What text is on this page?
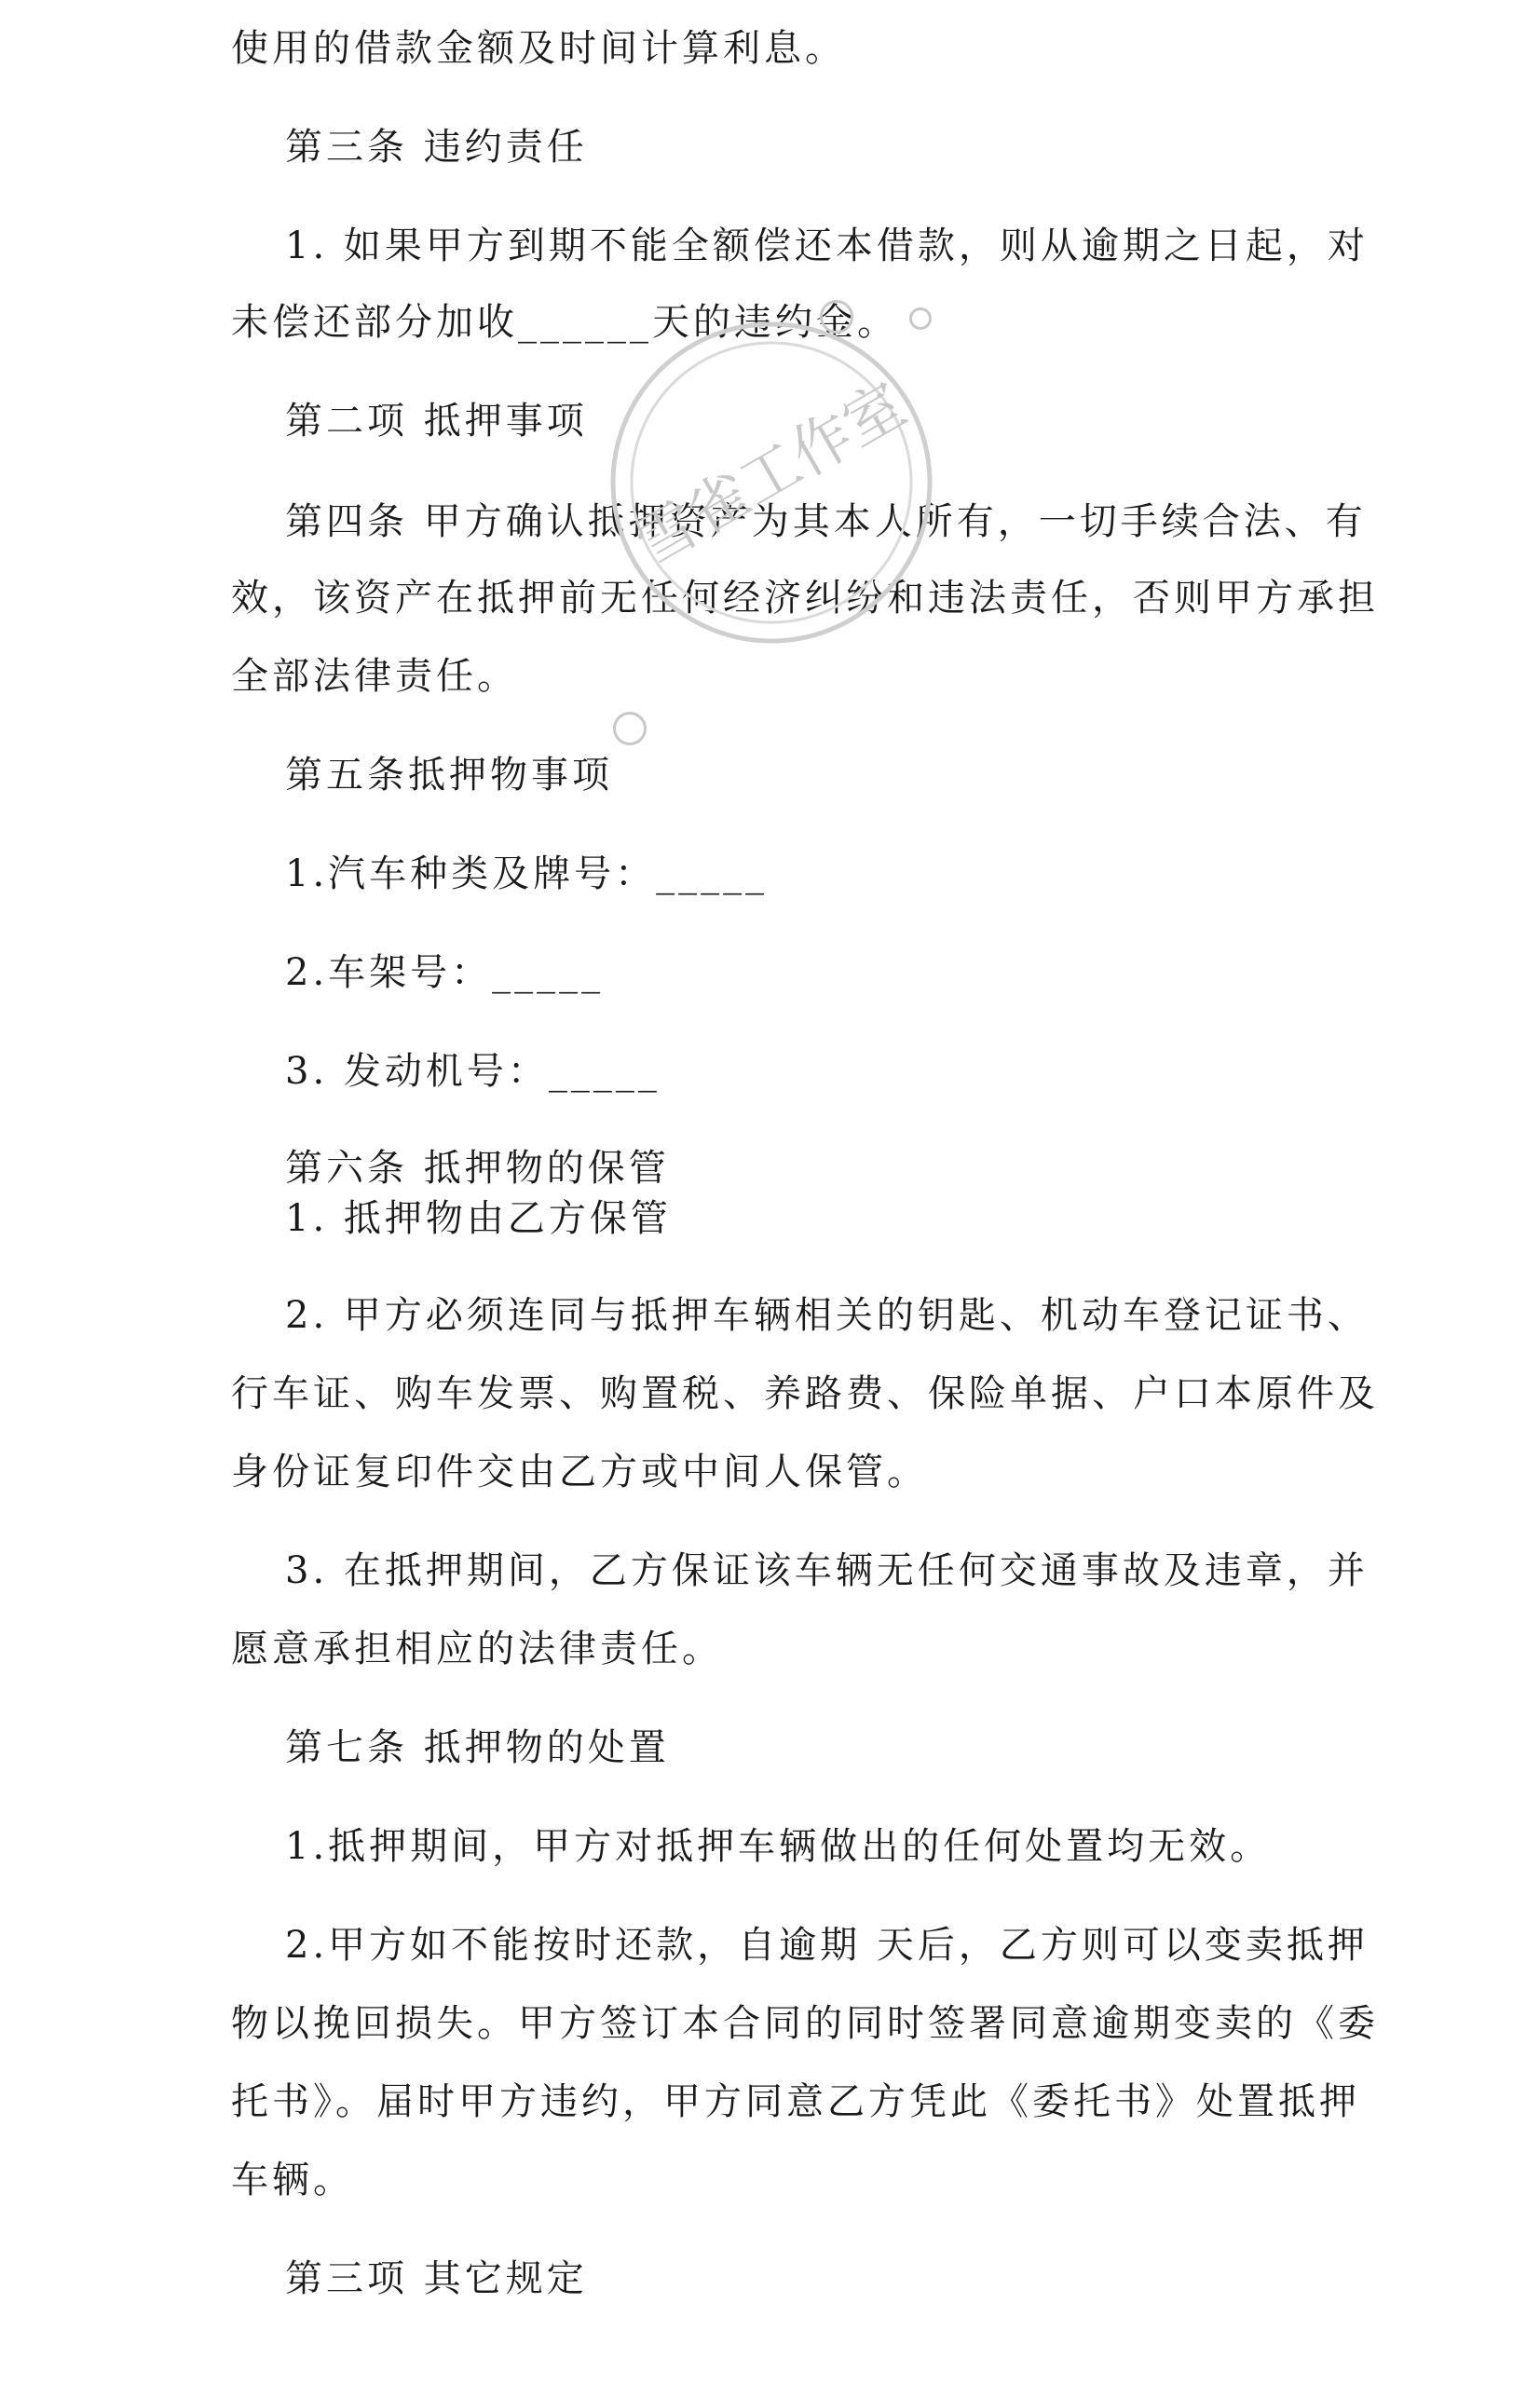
使用的借款金额及时间计算利息。
第三条 违约责任
1. 如果甲方到期不能全额偿还本借款，则从逾期之日起，对
未偿还部分加收______天的违约金。
第二项 抵押事项
第四条 甲方确认抵押资产为其本人所有，一切手续合法、有
效，该资产在抵押前无任何经济纠纷和违法责任，否则甲方承担
全部法律责任。
第五条抵押物事项
1.汽车种类及牌号：_____
2.车架号：_____
3. 发动机号：_____
第六条 抵押物的保管
1. 抵押物由乙方保管
2. 甲方必须连同与抵押车辆相关的钥匙、机动车登记证书、
行车证、购车发票、购置税、养路费、保险单据、户口本原件及
身份证复印件交由乙方或中间人保管。
3. 在抵押期间，乙方保证该车辆无任何交通事故及违章，并
愿意承担相应的法律责任。
第七条 抵押物的处置
1.抵押期间，甲方对抵押车辆做出的任何处置均无效。
2.甲方如不能按时还款，自逾期 天后，乙方则可以变卖抵押
物以挽回损失。甲方签订本合同的同时签署同意逾期变卖的《委
托书》。届时甲方违约，甲方同意乙方凭此《委托书》处置抵押
车辆。
第三项 其它规定
雪雀工作室
